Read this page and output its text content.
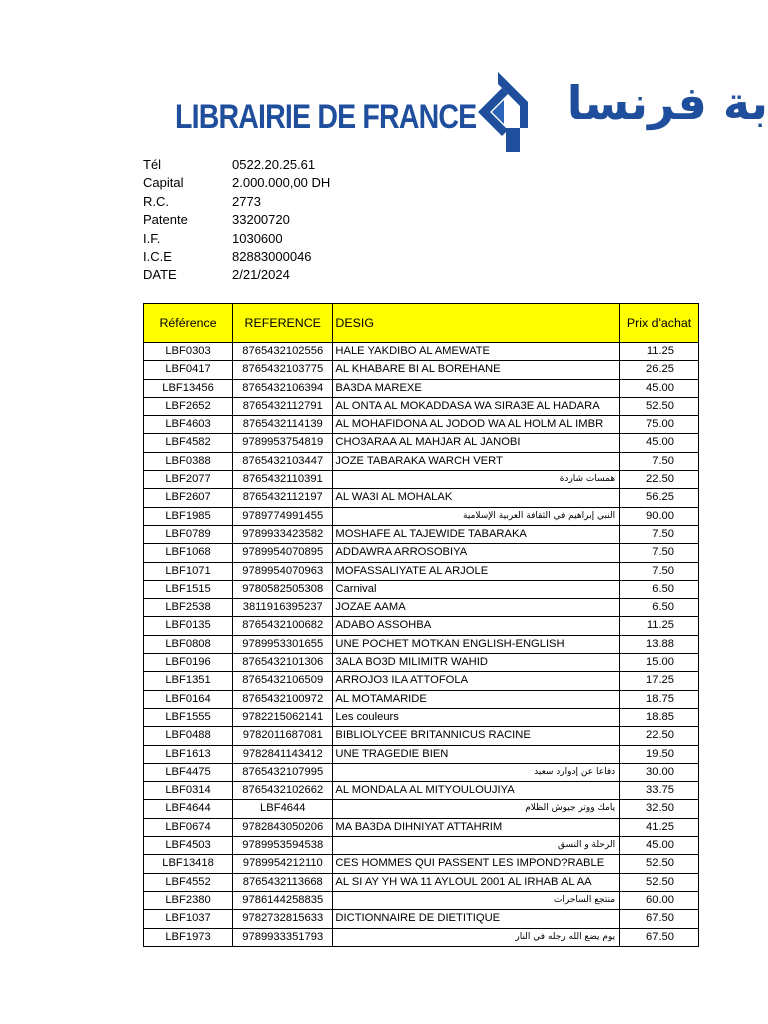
LIBRAIRIE DE FRANCE	بة فرنسا
Tél	0522.20.25.61
Capital	2.000.000,00 DH
R.C.	2773
Patente	33200720
I.F.	1030600
I.C.E	82883000046
DATE	2/21/2024
Référence	REFERENCE	DESIG	Prix d'achat
LBF0303	8765432102556	HALE YAKDIBO AL AMEWATE	11.25
LBF0417	8765432103775	AL KHABARE BI AL BOREHANE	26.25
LBF13456	8765432106394	BA3DA MAREXE	45.00
LBF2652	8765432112791	AL ONTA AL MOKADDASA WA SIRA3E AL HADARA	52.50
LBF4603	8765432114139	AL MOHAFIDONA AL JODOD WA AL HOLM AL IMBR	75.00
LBF4582	9789953754819	CHO3ARAA AL MAHJAR AL JANOBI	45.00
LBF0388	8765432103447	JOZE TABARAKA WARCH VERT	7.50
LBF2077	8765432110391	همسات شاردة	22.50
LBF2607	8765432112197	AL WA3I AL MOHALAK	56.25
LBF1985	9789774991455	النبي إبراهيم في الثقافة العربية الإسلامية	90.00
LBF0789	9789933423582	MOSHAFE AL TAJEWIDE TABARAKA	7.50
LBF1068	9789954070895	ADDAWRA ARROSOBIYA	7.50
LBF1071	9789954070963	MOFASSALIYATE AL ARJOLE	7.50
LBF1515	9780582505308	Carnival	6.50
LBF2538	3811916395237	JOZAE AAMA	6.50
LBF0135	8765432100682	ADABO ASSOHBA	11.25
LBF0808	9789953301655	UNE POCHET MOTKAN ENGLISH-ENGLISH	13.88
LBF0196	8765432101306	3ALA BO3D MILIMITR WAHID	15.00
LBF1351	8765432106509	ARROJO3 ILA ATTOFOLA	17.25
LBF0164	8765432100972	AL MOTAMARIDE	18.75
LBF1555	9782215062141	Les couleurs	18.85
LBF0488	9782011687081	BIBLIOLYCEE BRITANNICUS RACINE	22.50
LBF1613	9782841143412	UNE TRAGEDIE BIEN	19.50
LBF4475	8765432107995	دفاعا عن إدوارد سعيد	30.00
LBF0314	8765432102662	AL MONDALA AL MITYOULOUJIYA	33.75
LBF4644	LBF4644	يامك ووتر جيوش الظلام	32.50
LBF0674	9782843050206	MA BA3DA DIHNIYAT ATTAHRIM	41.25
LBF4503	9789953594538	الرحلة و النسق	45.00
LBF13418	9789954212110	CES HOMMES QUI PASSENT LES IMPOND?RABLE	52.50
LBF4552	8765432113668	AL SI AY YH WA 11 AYLOUL 2001 AL IRHAB AL AA	52.50
LBF2380	9786144258835	منتجع الساحرات	60.00
LBF1037	9782732815633	DICTIONNAIRE DE DIETITIQUE	67.50
LBF1973	9789933351793	يوم يضع الله رجله في النار	67.50
